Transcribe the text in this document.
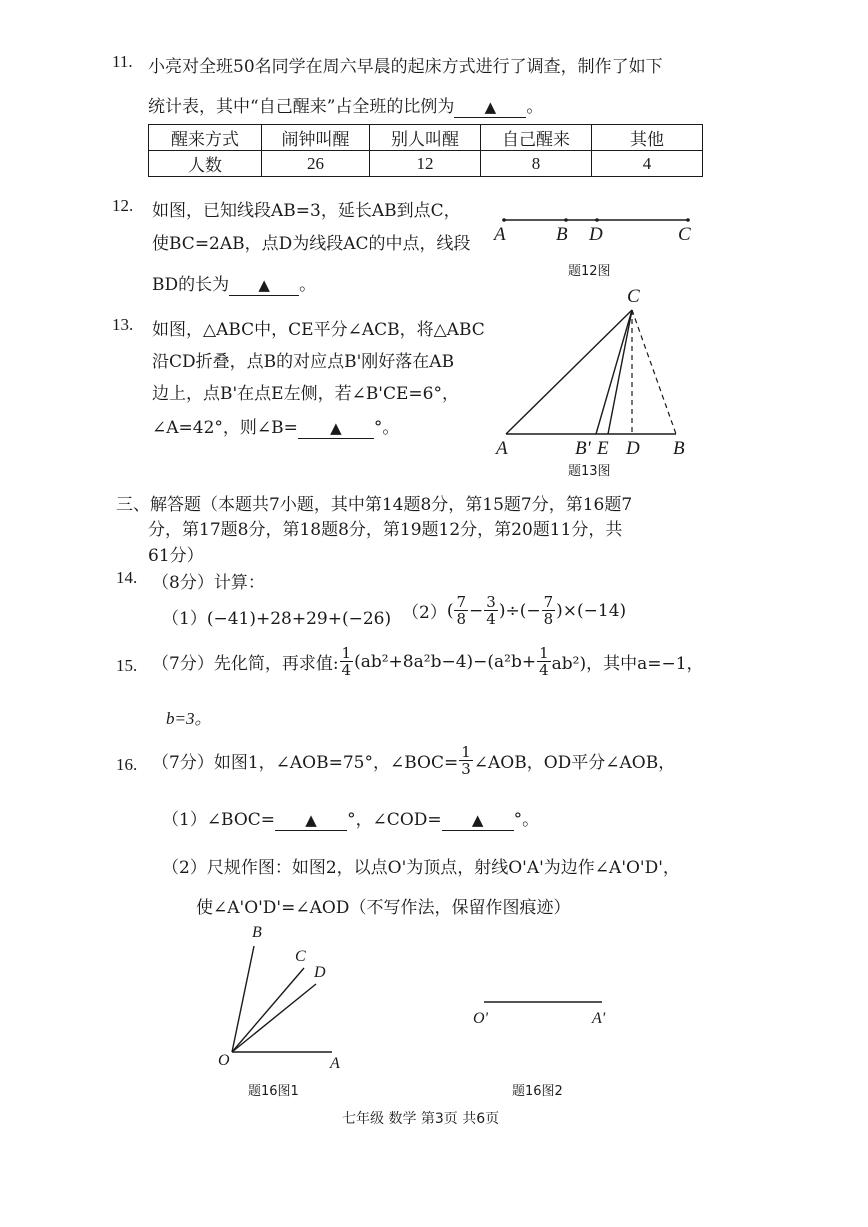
11. 小亮对全班50名同学在周六早晨的起床方式进行了调查，制作了如下
统计表，其中“自己醒来”占全班的比例为 ▲ 。
醒来方式	闹钟叫醒	别人叫醒	自己醒来	其他
人数	26	12	8	4
12. 如图，已知线段AB=3，延长AB到点C，
使BC=2AB，点D为线段AC的中点，线段
BD的长为 ▲ 。
A	B D	C
题12图
13. 如图，△ABC中，CE平分∠ACB，将△ABC
沿CD折叠，点B的对应点B'刚好落在AB
边上，点B'在点E左侧，若∠B'CE=6°，
∠A=42°，则∠B= ▲ °。
C
A	B' E D B
题13图
三、解答题（本题共7小题，其中第14题8分，第15题7分，第16题7
分，第17题8分，第18题8分，第19题12分，第20题11分，共
61分）
14. （8分）计算：
（1）(−41)+28+29+(−26) （2） ( $\frac{7}{8} - \frac{3}{4}$ )÷(− $\frac{7}{8}$ ) ×(−14)
15. （7分）先化简，再求值: $\frac{1}{4} (ab^2+8a^2b-4)-(a^2b+ \frac{1}{4} ab^2)$，其中a=−1，
b=3。
16. （7分）如图1，∠AOB=75°，∠BOC= $\frac{1}{3}$ ∠AOB，OD平分∠AOB，
（1）∠BOC= ▲ °，∠COD= ▲ °。
（2）尺规作图：如图2，以点O'为顶点，射线O'A'为边作∠A'O'D'，
使∠A'O'D'=∠AOD（不写作法，保留作图痕迹）
B
C
D
O	A
题16图1
O'	A'
题16图2
七年级 数学 第3页 共6页
